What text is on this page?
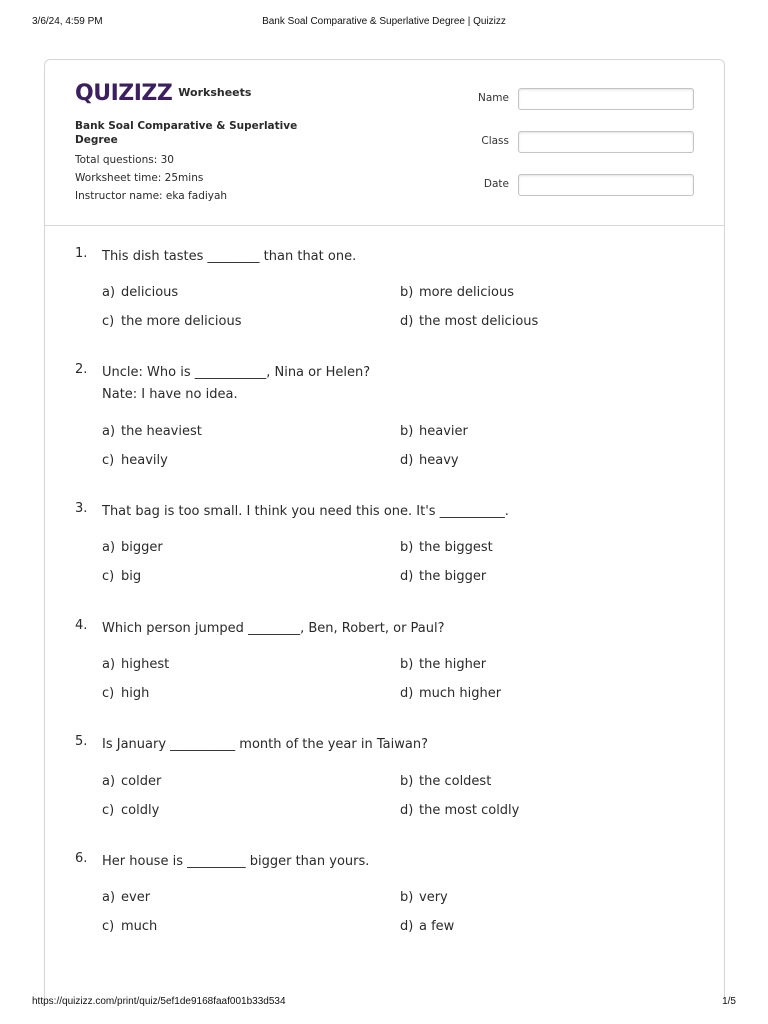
3/6/24, 4:59 PM	Bank Soal Comparative & Superlative Degree | Quizizz
QUIZIZZ Worksheets
Bank Soal Comparative & Superlative Degree
Total questions: 30
Worksheet time: 25mins
Instructor name: eka fadiyah
Name
Class
Date
1.	This dish tastes ________ than that one.
a) delicious	b) more delicious
c) the more delicious	d) the most delicious
2.	Uncle: Who is ___________, Nina or Helen?
Nate: I have no idea.
a) the heaviest	b) heavier
c) heavily	d) heavy
3.	That bag is too small. I think you need this one. It's __________.
a) bigger	b) the biggest
c) big	d) the bigger
4.	Which person jumped ________, Ben, Robert, or Paul?
a) highest	b) the higher
c) high	d) much higher
5.	Is January __________ month of the year in Taiwan?
a) colder	b) the coldest
c) coldly	d) the most coldly
6.	Her house is _________ bigger than yours.
a) ever	b) very
c) much	d) a few
https://quizizz.com/print/quiz/5ef1de9168faaf001b33d534	1/5
